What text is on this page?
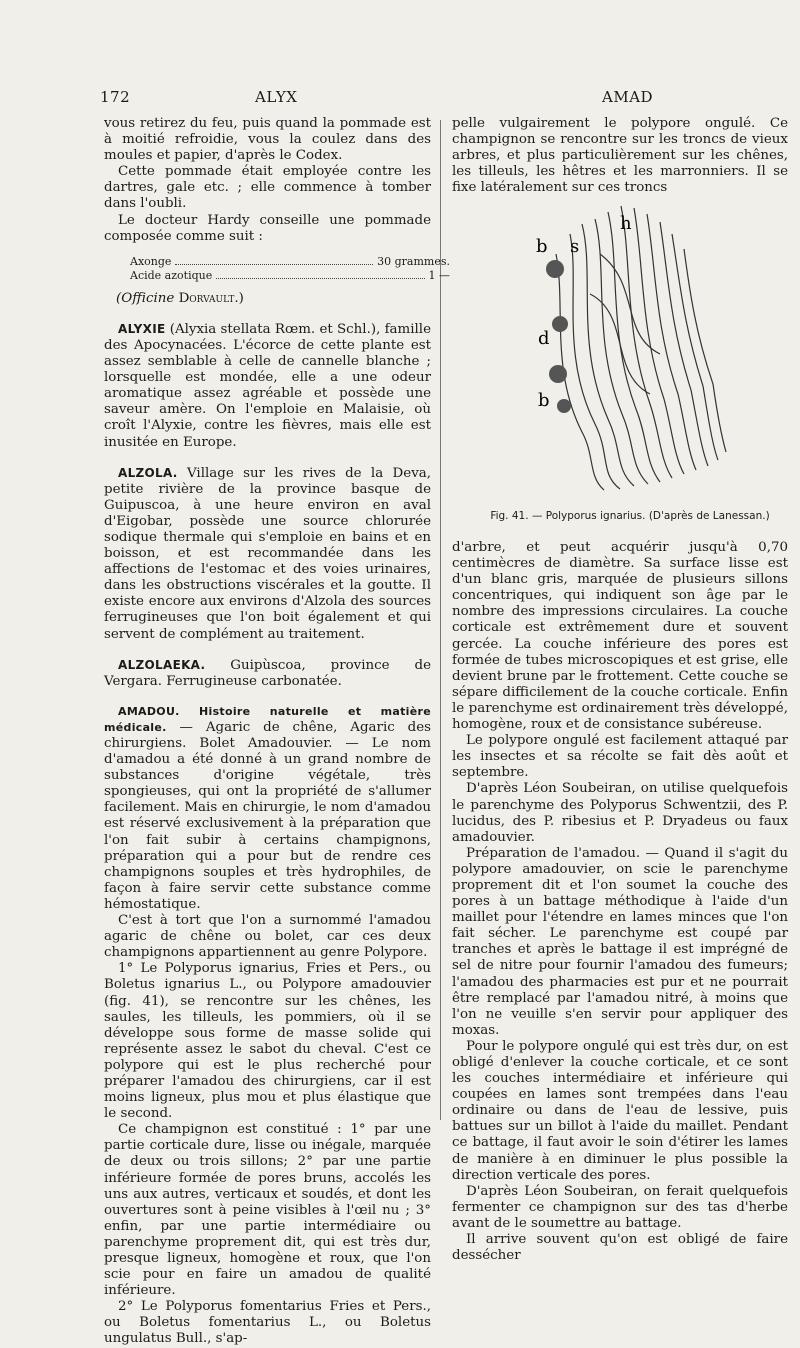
172	ALYX	AMAD

vous retirez du feu, puis quand la pommade est à moitié refroidie, vous la coulez dans des moules et papier, d'après le Codex.

Cette pommade était employée contre les dartres, gale etc. ; elle commence à tomber dans l'oubli.

Le docteur Hardy conseille une pommade composée comme suit :

Axonge	30 grammes.
Acide azotique	1 —

(Officine Dorvault.)

ALYXIE (Alyxia stellata Rœm. et Schl.), famille des Apocynacées. L'écorce de cette plante est assez semblable à celle de cannelle blanche ; lorsquelle est mondée, elle a une odeur aromatique assez agréable et possède une saveur amère. On l'emploie en Malaisie, où croît l'Alyxie, contre les fièvres, mais elle est inusitée en Europe.

ALZOLA. Village sur les rives de la Deva, petite rivière de la province basque de Guipuscoa, à une heure environ en aval d'Eigobar, possède une source chlorurée sodique thermale qui s'emploie en bains et en boisson, et est recommandée dans les affections de l'estomac et des voies urinaires, dans les obstructions viscérales et la goutte. Il existe encore aux environs d'Alzola des sources ferrugineuses que l'on boit également et qui servent de complément au traitement.

ALZOLAEKA. Guipùscoa, province de Vergara. Ferrugineuse carbonatée.

AMADOU. Histoire naturelle et matière médicale. — Agaric de chêne, Agaric des chirurgiens. Bolet Amadouvier. — Le nom d'amadou a été donné à un grand nombre de substances d'origine végétale, très spongieuses, qui ont la propriété de s'allumer facilement. Mais en chirurgie, le nom d'amadou est réservé exclusivement à la préparation que l'on fait subir à certains champignons, préparation qui a pour but de rendre ces champignons souples et très hydrophiles, de façon à faire servir cette substance comme hémostatique.

C'est à tort que l'on a surnommé l'amadou agaric de chêne ou bolet, car ces deux champignons appartiennent au genre Polypore.

1° Le Polyporus ignarius, Fries et Pers., ou Boletus ignarius L., ou Polypore amadouvier (fig. 41), se rencontre sur les chênes, les saules, les tilleuls, les pommiers, où il se développe sous forme de masse solide qui représente assez le sabot du cheval. C'est ce polypore qui est le plus recherché pour préparer l'amadou des chirurgiens, car il est moins ligneux, plus mou et plus élastique que le second.

Ce champignon est constitué : 1° par une partie corticale dure, lisse ou inégale, marquée de deux ou trois sillons; 2° par une partie inférieure formée de pores bruns, accolés les uns aux autres, verticaux et soudés, et dont les ouvertures sont à peine visibles à l'œil nu ; 3° enfin, par une partie intermédiaire ou parenchyme proprement dit, qui est très dur, presque ligneux, homogène et roux, que l'on scie pour en faire un amadou de qualité inférieure.

2° Le Polyporus fomentarius Fries et Pers., ou Boletus fomentarius L., ou Boletus ungulatus Bull., s'ap-

pelle vulgairement le polypore ongulé. Ce champignon se rencontre sur les troncs de vieux arbres, et plus particulièrement sur les chênes, les tilleuls, les hêtres et les marronniers. Il se fixe latéralement sur ces troncs

h
b s
d
b
Fig. 41. — Polyporus ignarius. (D'après de Lanessan.)

d'arbre, et peut acquérir jusqu'à 0,70 centimècres de diamètre. Sa surface lisse est d'un blanc gris, marquée de plusieurs sillons concentriques, qui indiquent son âge par le nombre des impressions circulaires. La couche corticale est extrêmement dure et souvent gercée. La couche inférieure des pores est formée de tubes microscopiques et est grise, elle devient brune par le frottement. Cette couche se sépare difficilement de la couche corticale. Enfin le parenchyme est ordinairement très développé, homogène, roux et de consistance subéreuse.

Le polypore ongulé est facilement attaqué par les insectes et sa récolte se fait dès août et septembre.

D'après Léon Soubeiran, on utilise quelquefois le parenchyme des Polyporus Schwentzii, des P. lucidus, des P. ribesius et P. Dryadeus ou faux amadouvier.

Préparation de l'amadou. — Quand il s'agit du polypore amadouvier, on scie le parenchyme proprement dit et l'on soumet la couche des pores à un battage méthodique à l'aide d'un maillet pour l'étendre en lames minces que l'on fait sécher. Le parenchyme est coupé par tranches et après le battage il est imprégné de sel de nitre pour fournir l'amadou des fumeurs; l'amadou des pharmacies est pur et ne pourrait être remplacé par l'amadou nitré, à moins que l'on ne veuille s'en servir pour appliquer des moxas.

Pour le polypore ongulé qui est très dur, on est obligé d'enlever la couche corticale, et ce sont les couches intermédiaire et inférieure qui coupées en lames sont trempées dans l'eau ordinaire ou dans de l'eau de lessive, puis battues sur un billot à l'aide du maillet. Pendant ce battage, il faut avoir le soin d'étirer les lames de manière à en diminuer le plus possible la direction verticale des pores.

D'après Léon Soubeiran, on ferait quelquefois fermenter ce champignon sur des tas d'herbe avant de le soumettre au battage.

Il arrive souvent qu'on est obligé de faire dessécher
